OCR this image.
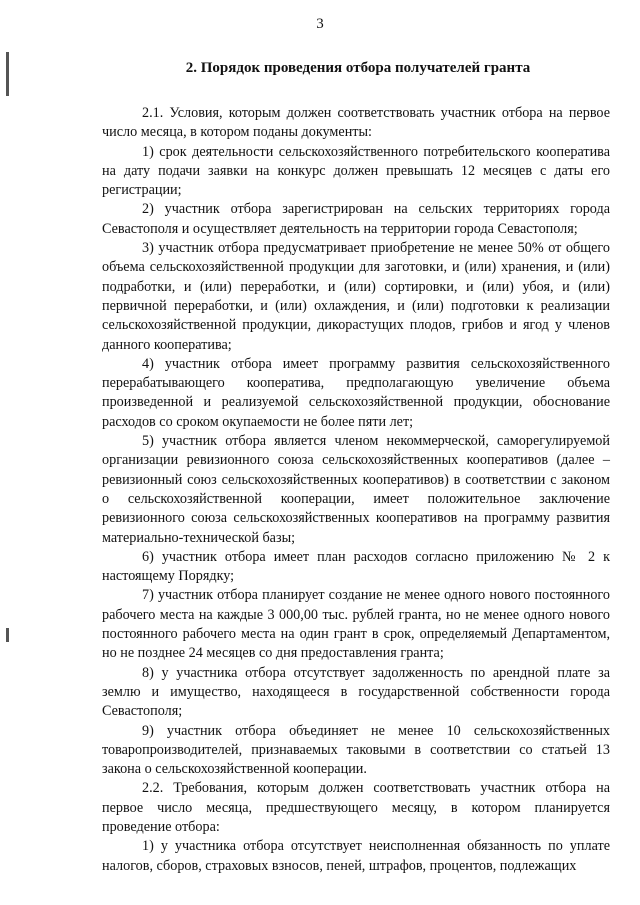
3
2. Порядок проведения отбора получателей гранта

2.1. Условия, которым должен соответствовать участник отбора на первое число месяца, в котором поданы документы:

1) срок деятельности сельскохозяйственного потребительского кооператива на дату подачи заявки на конкурс должен превышать 12 месяцев с даты его регистрации;

2) участник отбора зарегистрирован на сельских территориях города Севастополя и осуществляет деятельность на территории города Севастополя;

3) участник отбора предусматривает приобретение не менее 50% от общего объема сельскохозяйственной продукции для заготовки, и (или) хранения, и (или) подработки, и (или) переработки, и (или) сортировки, и (или) убоя, и (или) первичной переработки, и (или) охлаждения, и (или) подготовки к реализации сельскохозяйственной продукции, дикорастущих плодов, грибов и ягод у членов данного кооператива;

4) участник отбора имеет программу развития сельскохозяйственного перерабатывающего кооператива, предполагающую увеличение объема произведенной и реализуемой сельскохозяйственной продукции, обоснование расходов со сроком окупаемости не более пяти лет;

5) участник отбора является членом некоммерческой, саморегулируемой организации ревизионного союза сельскохозяйственных кооперативов (далее – ревизионный союз сельскохозяйственных кооперативов) в соответствии с законом о сельскохозяйственной кооперации, имеет положительное заключение ревизионного союза сельскохозяйственных кооперативов на программу развития материально-технической базы;

6) участник отбора имеет план расходов согласно приложению № 2 к настоящему Порядку;

7) участник отбора планирует создание не менее одного нового постоянного рабочего места на каждые 3 000,00 тыс. рублей гранта, но не менее одного нового постоянного рабочего места на один грант в срок, определяемый Департаментом, но не позднее 24 месяцев со дня предоставления гранта;

8) у участника отбора отсутствует задолженность по арендной плате за землю и имущество, находящееся в государственной собственности города Севастополя;

9) участник отбора объединяет не менее 10 сельскохозяйственных товаропроизводителей, признаваемых таковыми в соответствии со статьей 13 закона о сельскохозяйственной кооперации.

2.2. Требования, которым должен соответствовать участник отбора на первое число месяца, предшествующего месяцу, в котором планируется проведение отбора:

1) у участника отбора отсутствует неисполненная обязанность по уплате налогов, сборов, страховых взносов, пеней, штрафов, процентов, подлежащих
